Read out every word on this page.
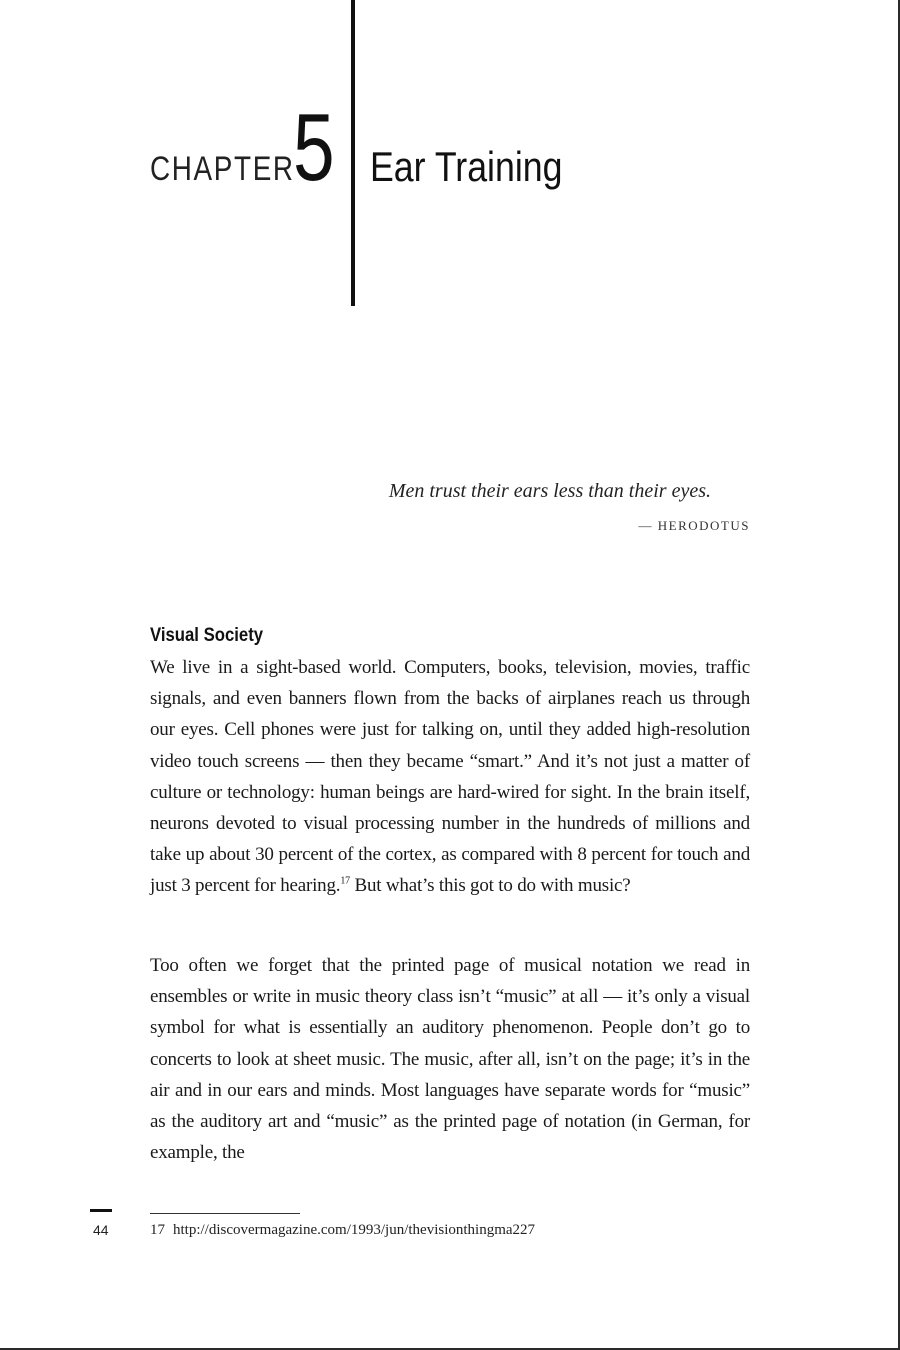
CHAPTER
5 Ear Training
Men trust their ears less than their eyes.
— HERODOTUS
Visual Society

We live in a sight-based world. Computers, books, television, movies, traffic signals, and even banners flown from the backs of airplanes reach us through our eyes. Cell phones were just for talking on, until they added high-resolution video touch screens — then they became “smart.” And it’s not just a matter of culture or technology: human beings are hard-wired for sight. In the brain itself, neurons devoted to visual processing number in the hundreds of millions and take up about 30 percent of the cortex, as compared with 8 percent for touch and just 3 percent for hearing.$^{17}$ But what’s this got to do with music?

Too often we forget that the printed page of musical notation we read in ensembles or write in music theory class isn’t “music” at all — it’s only a visual symbol for what is essentially an auditory phenomenon. People don’t go to concerts to look at sheet music. The music, after all, isn’t on the page; it’s in the air and in our ears and minds. Most languages have separate words for “music” as the auditory art and “music” as the printed page of notation (in German, for example, the

17 http://discovermagazine.com/1993/jun/thevisionthingma227
44
